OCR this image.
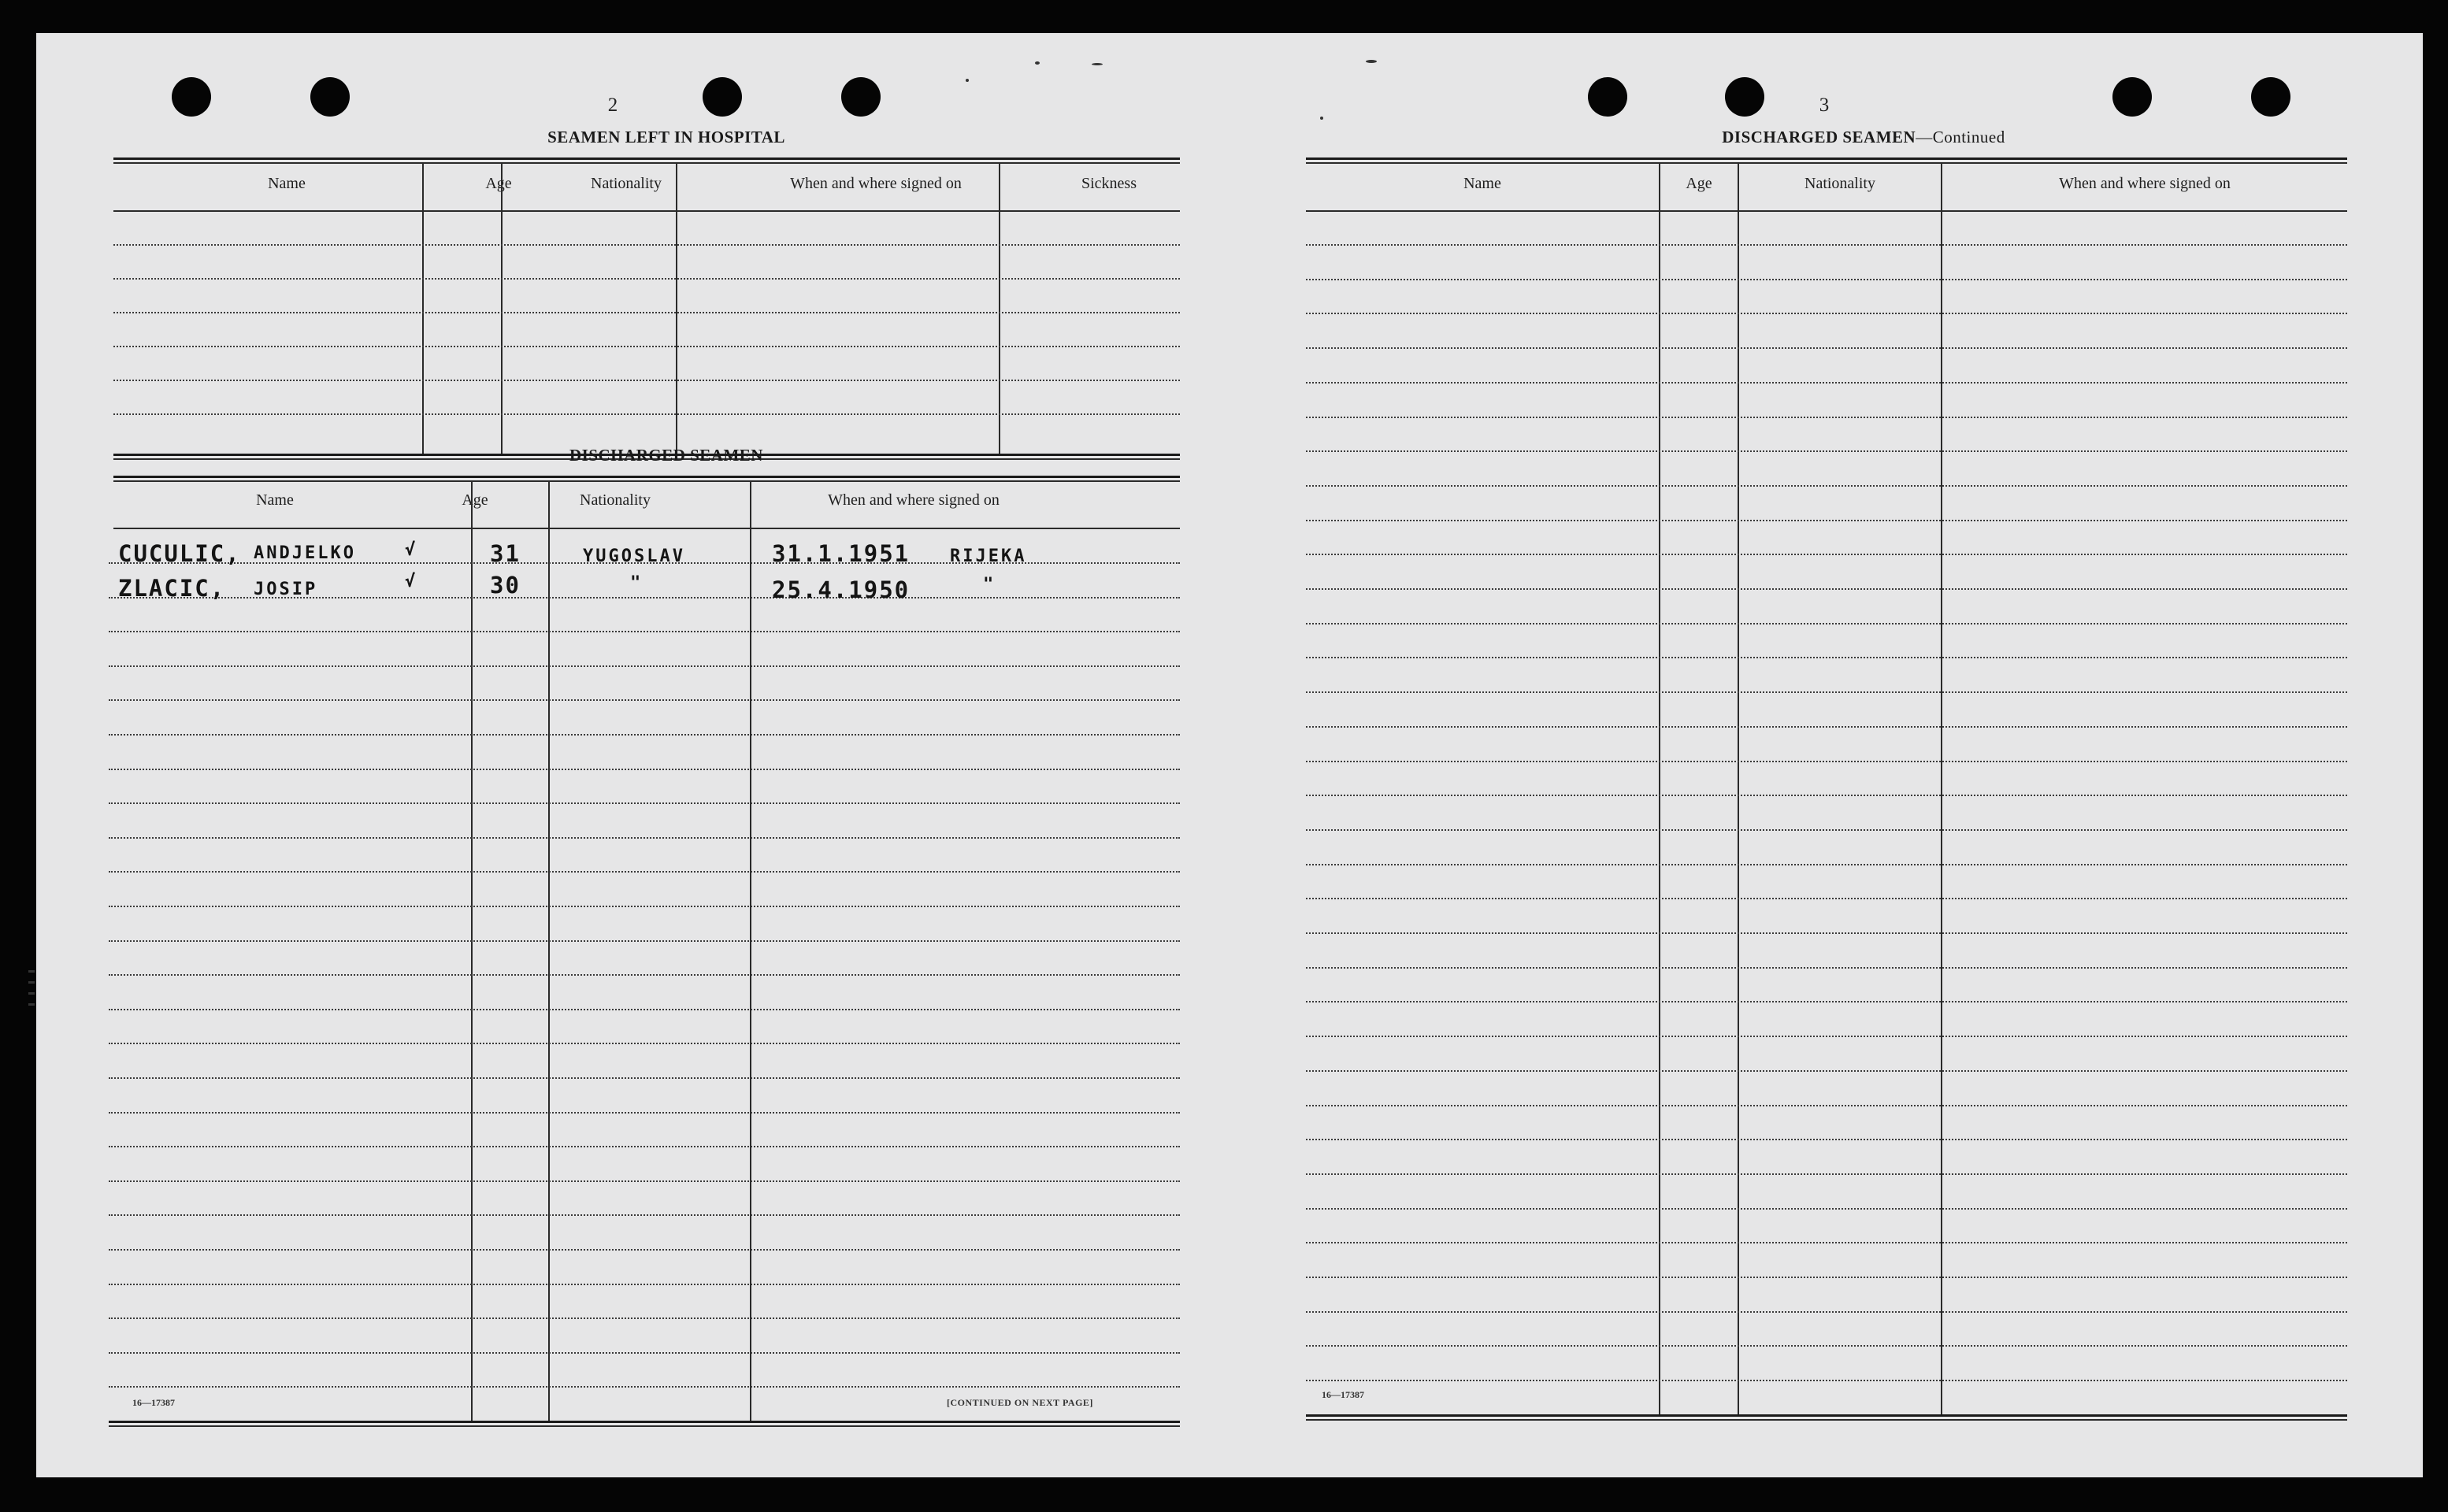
2
SEAMEN LEFT IN HOSPITAL
Name	Age	Nationality	When and where signed on	Sickness
DISCHARGED SEAMEN
Name	Age	Nationality	When and where signed on
CUCULIC, ANDJELKO	√	31	YUGOSLAV	31.1.1951 RIJEKA
ZLACIC, JOSIP	√	30	"	25.4.1950	"
16—17387	[CONTINUED ON NEXT PAGE]
3
DISCHARGED SEAMEN—Continued
Name	Age	Nationality	When and where signed on
16—17387
